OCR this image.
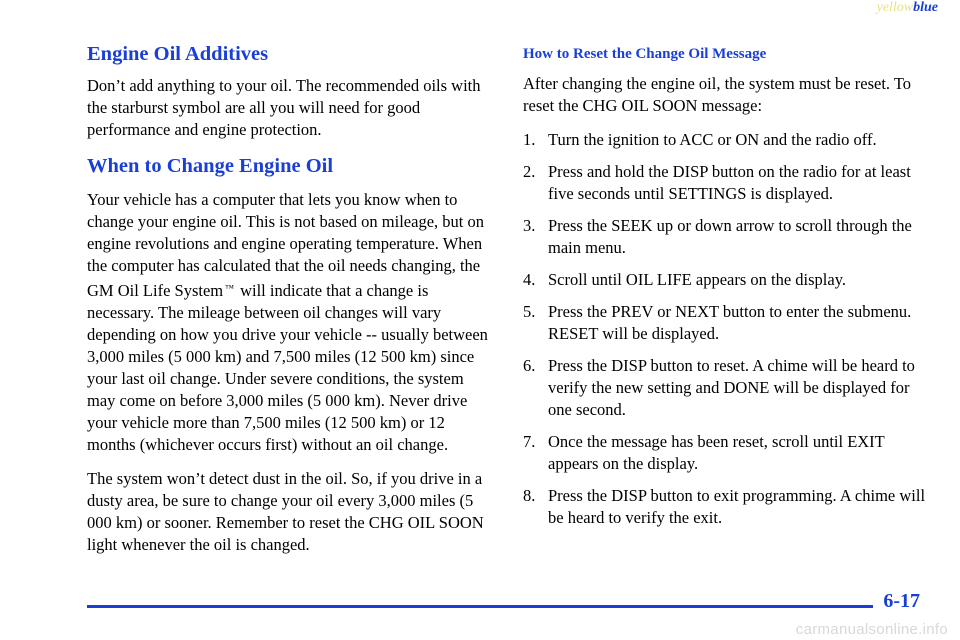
yellowblue
Engine Oil Additives

Don’t add anything to your oil. The recommended oils with the starburst symbol are all you will need for good performance and engine protection.

When to Change Engine Oil

Your vehicle has a computer that lets you know when to change your engine oil. This is not based on mileage, but on engine revolutions and engine operating temperature. When the computer has calculated that the oil needs changing, the GM Oil Life System ™ will indicate that a change is necessary. The mileage between oil changes will vary depending on how you drive your vehicle -- usually between 3,000 miles (5 000 km) and 7,500 miles (12 500 km) since your last oil change. Under severe conditions, the system may come on before 3,000 miles (5 000 km). Never drive your vehicle more than 7,500 miles (12 500 km) or 12 months (whichever occurs first) without an oil change.

The system won’t detect dust in the oil. So, if you drive in a dusty area, be sure to change your oil every 3,000 miles (5 000 km) or sooner. Remember to reset the CHG OIL SOON light whenever the oil is changed.

How to Reset the Change Oil Message

After changing the engine oil, the system must be reset. To reset the CHG OIL SOON message:

1. Turn the ignition to ACC or ON and the radio off.
2. Press and hold the DISP button on the radio for at least five seconds until SETTINGS is displayed.
3. Press the SEEK up or down arrow to scroll through the main menu.
4. Scroll until OIL LIFE appears on the display.
5. Press the PREV or NEXT button to enter the submenu. RESET will be displayed.
6. Press the DISP button to reset. A chime will be heard to verify the new setting and DONE will be displayed for one second.
7. Once the message has been reset, scroll until EXIT appears on the display.
8. Press the DISP button to exit programming. A chime will be heard to verify the exit.
6-17
carmanualsonline.info
